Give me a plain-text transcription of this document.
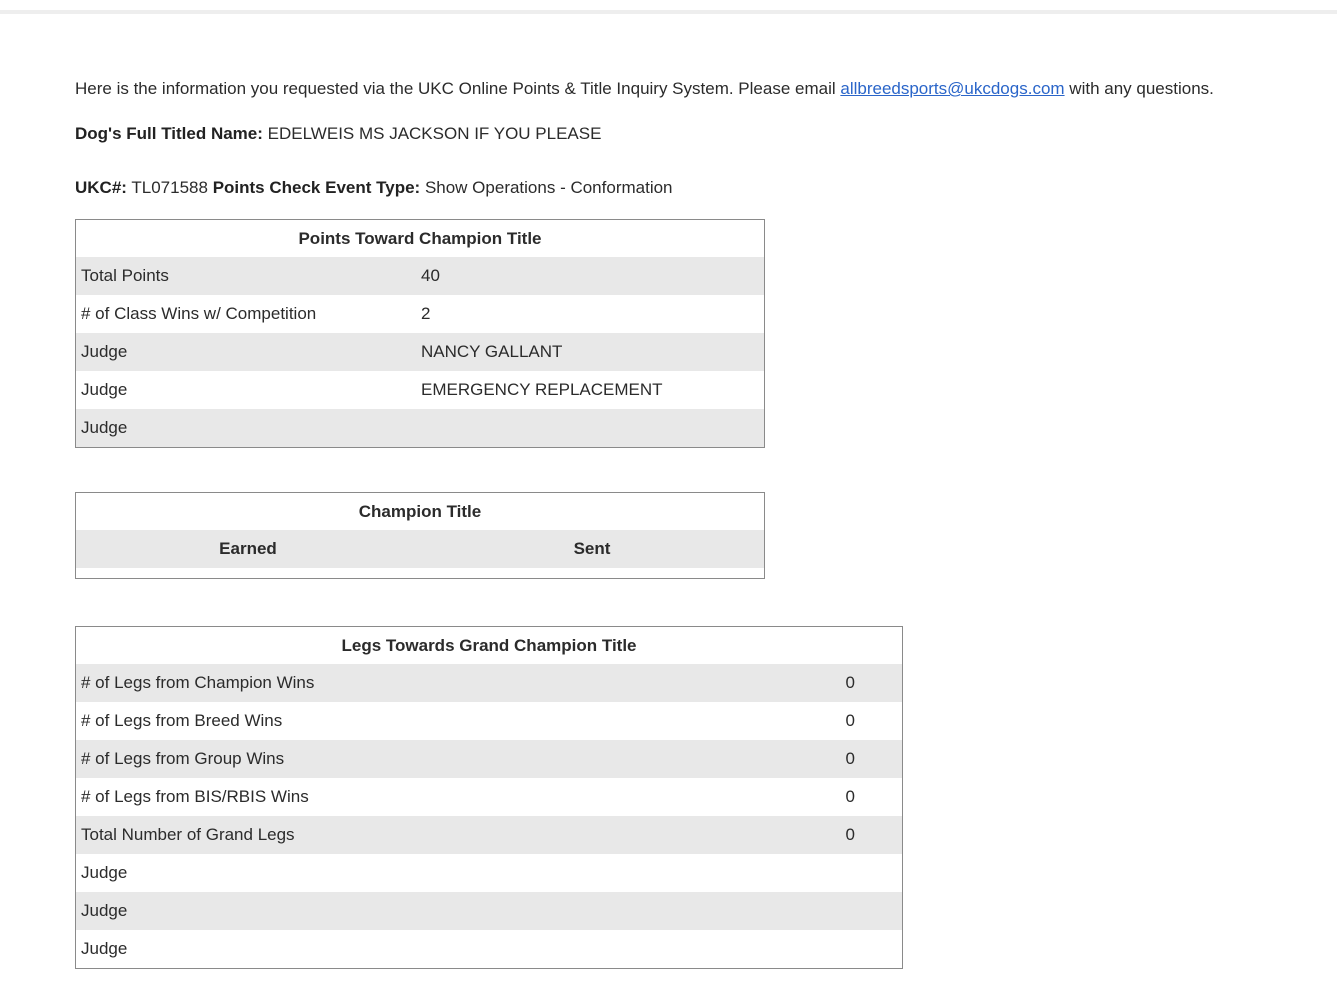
Here is the information you requested via the UKC Online Points & Title Inquiry System. Please email allbreedsports@ukcdogs.com with any questions.

Dog's Full Titled Name: EDELWEIS MS JACKSON IF YOU PLEASE

UKC#: TL071588 Points Check Event Type: Show Operations - Conformation

Points Toward Champion Title	
Total Points	40
# of Class Wins w/ Competition	2
Judge	NANCY GALLANT
Judge	EMERGENCY REPLACEMENT
Judge	
Champion Title	
Earned	Sent

Legs Towards Grand Champion Title	
# of Legs from Champion Wins	0
# of Legs from Breed Wins	0
# of Legs from Group Wins	0
# of Legs from BIS/RBIS Wins	0
Total Number of Grand Legs	0
Judge	
Judge	
Judge	
